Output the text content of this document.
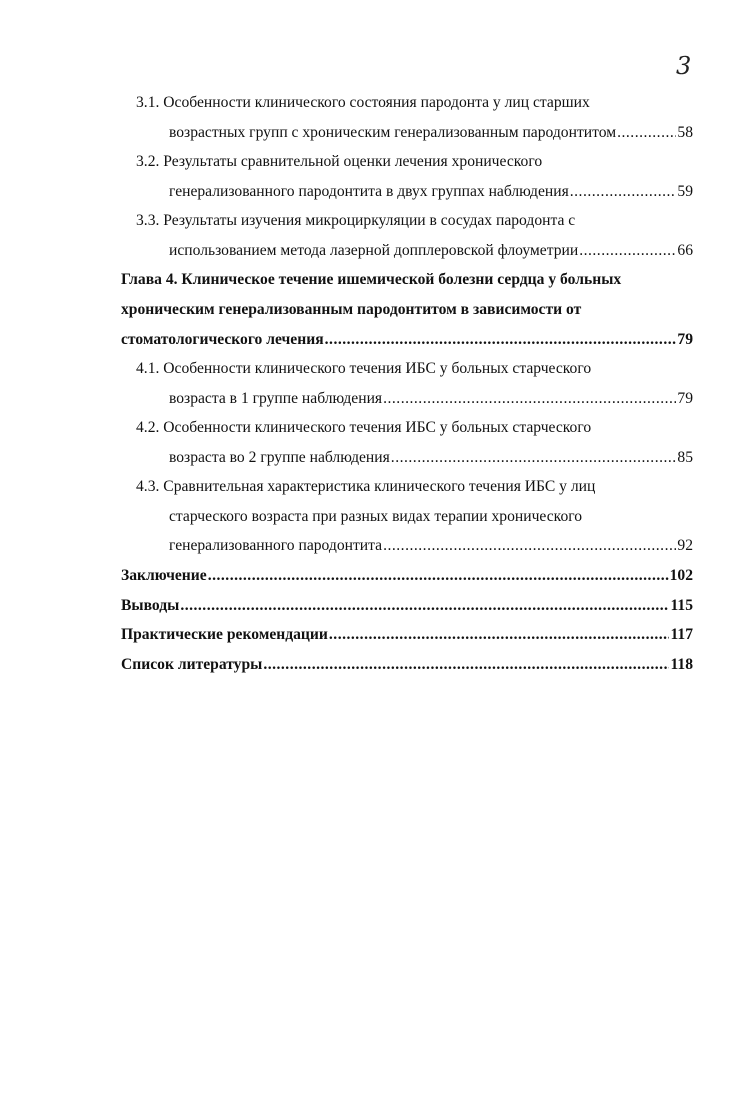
3
3.1. Особенности клинического состояния пародонта у лиц старших
возрастных групп с хроническим генерализованным пародонтитом .....	58
3.2. Результаты сравнительной оценки лечения хронического
генерализованного пародонтита в двух группах наблюдения .....	59
3.3. Результаты изучения микроциркуляции в сосудах пародонта с
использованием метода лазерной допплеровской флоуметрии .....	66
Глава 4. Клиническое течение ишемической болезни сердца у больных
хроническим генерализованным пародонтитом в зависимости от
стоматологического лечения .....	79
4.1. Особенности клинического течения ИБС у больных старческого
возраста в 1 группе наблюдения .....	79
4.2. Особенности клинического течения ИБС у больных старческого
возраста во 2 группе наблюдения .....	85
4.3. Сравнительная характеристика клинического течения ИБС у лиц
старческого возраста при разных видах терапии хронического
генерализованного пародонтита .....	92
Заключение .....	102
Выводы .....	115
Практические рекомендации .....	117
Список литературы .....	118
